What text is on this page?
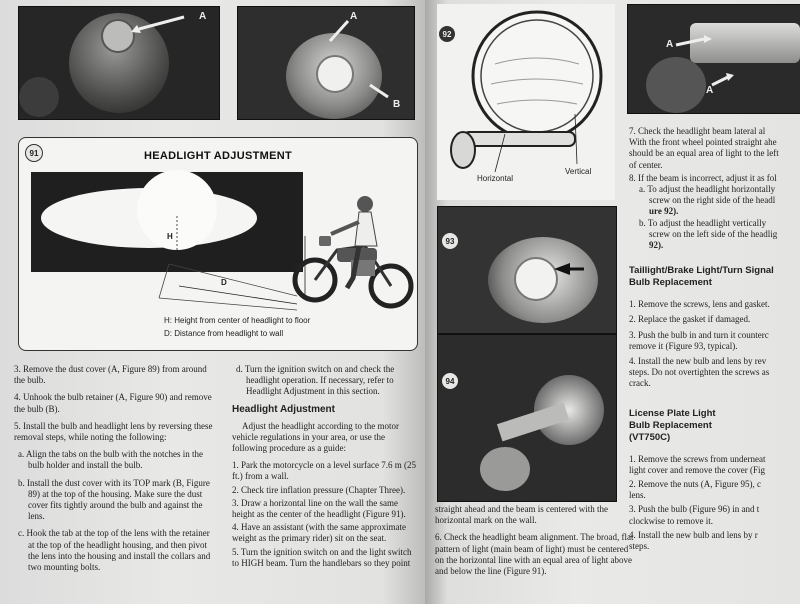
A	A
B
91	HEADLIGHT ADJUSTMENT
H
H
D
H: Height from center of headlight to floor
D: Distance from headlight to wall

3. Remove the dust cover (A, Figure 89) from around the bulb.

4. Unhook the bulb retainer (A, Figure 90) and remove the bulb (B).

5. Install the bulb and headlight lens by reversing these removal steps, while noting the following:

a. Align the tabs on the bulb with the notches in the bulb holder and install the bulb.

b. Install the dust cover with its TOP mark (B, Figure 89) at the top of the housing. Make sure the dust cover fits tightly around the bulb and against the lens.

c. Hook the tab at the top of the lens with the retainer at the top of the headlight housing, and then pivot the lens into the housing and install the collars and two mounting bolts.

d. Turn the ignition switch on and check the headlight operation. If necessary, refer to Headlight Adjustment in this section.

Headlight Adjustment

Adjust the headlight according to the motor vehicle regulations in your area, or use the following procedure as a guide:

1. Park the motorcycle on a level surface 7.6 m (25 ft.) from a wall.

2. Check tire inflation pressure (Chapter Three).

3. Draw a horizontal line on the wall the same height as the center of the headlight (Figure 91).

4. Have an assistant (with the same approximate weight as the primary rider) sit on the seat.

5. Turn the ignition switch on and the light switch to HIGH beam. Turn the handlebars so they point

92
Horizontal
Vertical
93
94

straight ahead and the beam is centered with the horizontal mark on the wall.

6. Check the headlight beam alignment. The broad, flat pattern of light (main beam of light) must be centered on the horizontal line with an equal area of light above and below the line (Figure 91).

A
A
7. Check the headlight beam lateral al
With the front wheel pointed straight ahe
should be an equal area of light to the left
of center.
8. If the beam is incorrect, adjust it as fol
a. To adjust the headlight horizontally
screw on the right side of the headl
ure 92).
b. To adjust the headlight vertically
screw on the left side of the headlig
92).
Taillight/Brake Light/Turn Signal
Bulb Replacement
1. Remove the screws, lens and gasket.
2. Replace the gasket if damaged.
3. Push the bulb in and turn it counterc
remove it (Figure 93, typical).
4. Install the new bulb and lens by rev
steps. Do not overtighten the screws as
crack.
License Plate Light
Bulb Replacement
(VT750C)
1. Remove the screws from underneat
light cover and remove the cover (Fig
2. Remove the nuts (A, Figure 95), c
lens.
3. Push the bulb (Figure 96) in and t
clockwise to remove it.
4. Install the new bulb and lens by r
steps.
